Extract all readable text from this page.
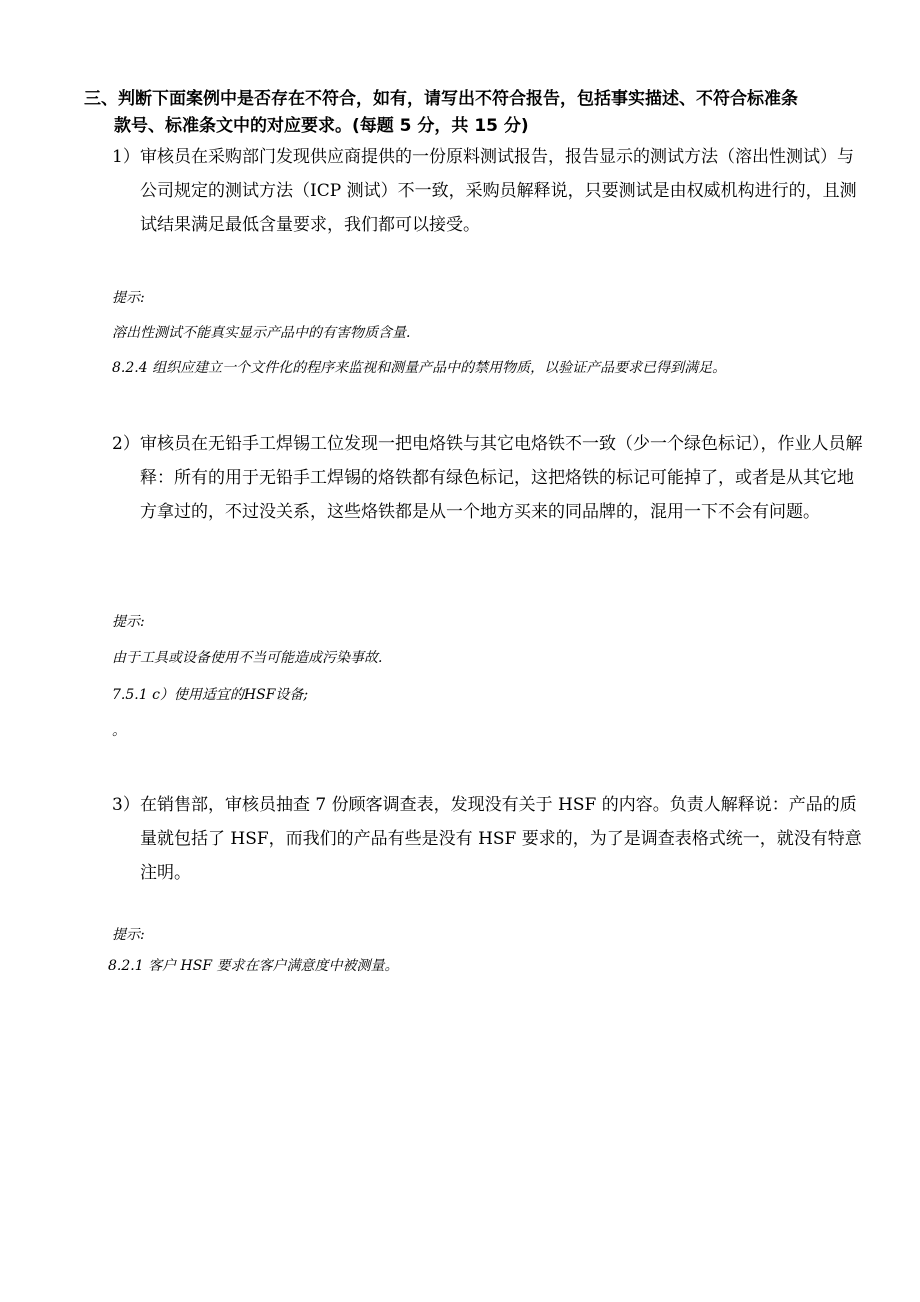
三、判断下面案例中是否存在不符合，如有，请写出不符合报告，包括事实描述、不符合标准条
款号、标准条文中的对应要求。(每题 5 分，共 15 分)
1） 审核员在采购部门发现供应商提供的一份原料测试报告，报告显示的测试方法（溶出性测试）与公司规定的测试方法（ICP 测试）不一致，采购员解释说，只要测试是由权威机构进行的，且测试结果满足最低含量要求，我们都可以接受。
提示:
溶出性测试不能真实显示产品中的有害物质含量.
8.2.4 组织应建立一个文件化的程序来监视和测量产品中的禁用物质，以验证产品要求已得到满足。
2） 审核员在无铅手工焊锡工位发现一把电烙铁与其它电烙铁不一致（少一个绿色标记），作业人员解释：所有的用于无铅手工焊锡的烙铁都有绿色标记，这把烙铁的标记可能掉了，或者是从其它地方拿过的，不过没关系，这些烙铁都是从一个地方买来的同品牌的，混用一下不会有问题。
提示:
由于工具或设备使用不当可能造成污染事故.
7.5.1 c）使用适宜的HSF设备;
。
3） 在销售部，审核员抽查 7 份顾客调查表，发现没有关于 HSF 的内容。负责人解释说：产品的质量就包括了 HSF，而我们的产品有些是没有 HSF 要求的，为了是调查表格式统一，就没有特意注明。
提示:
8.2.1 客户 HSF 要求在客户满意度中被测量。
